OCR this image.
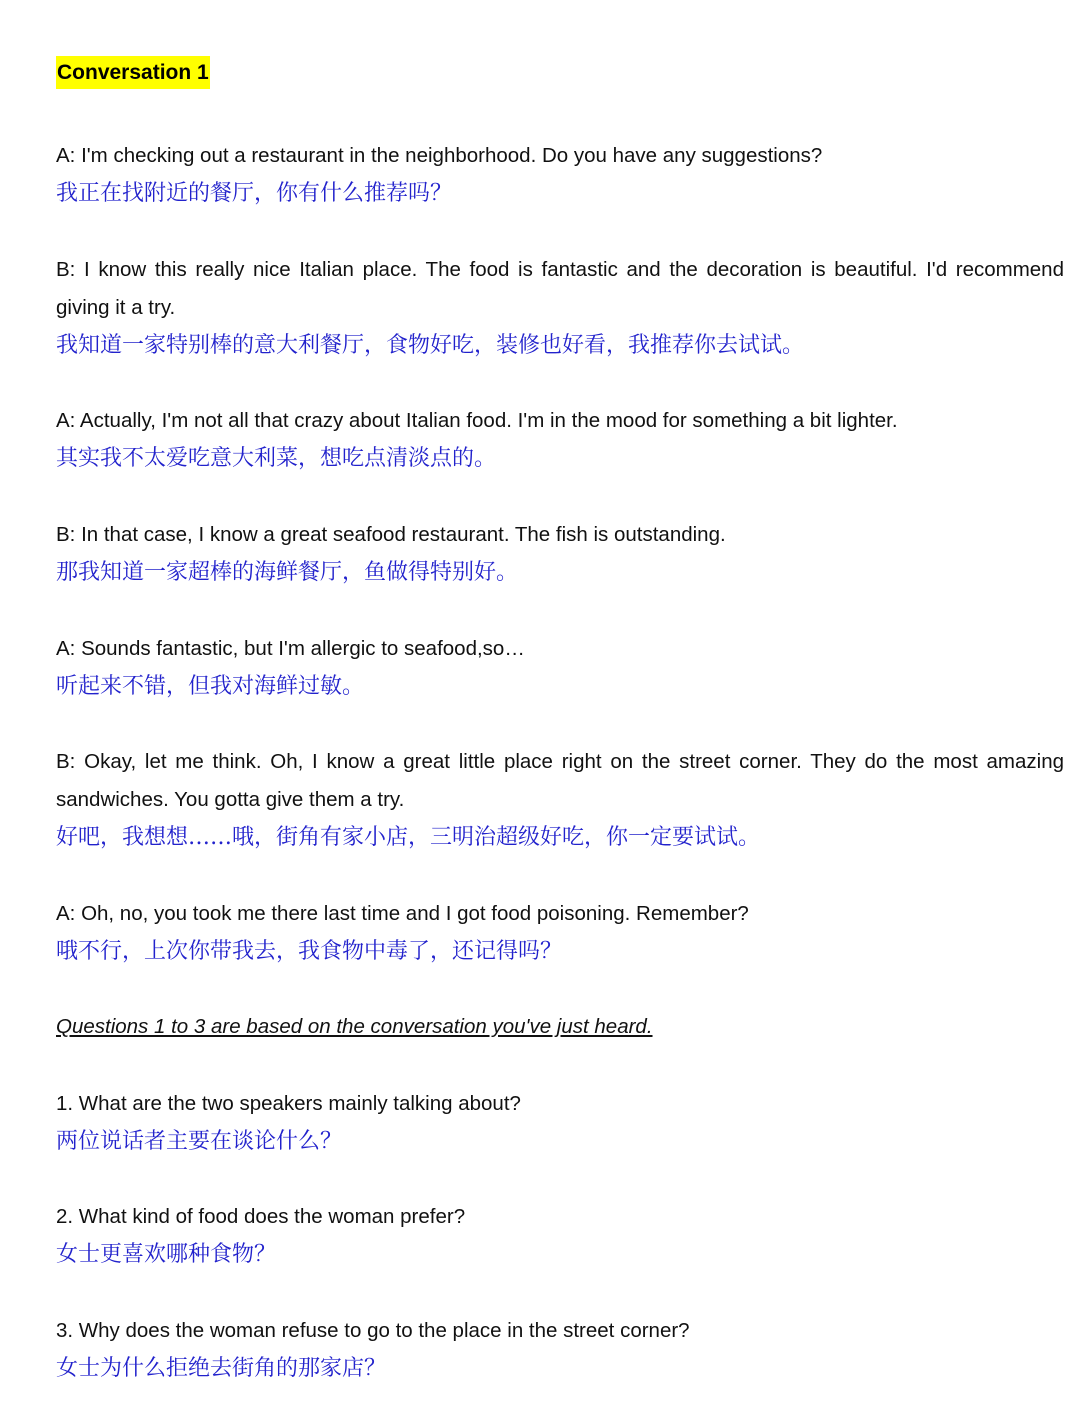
Conversation 1
A: I'm checking out a restaurant in the neighborhood. Do you have any suggestions?
我正在找附近的餐厅，你有什么推荐吗？
B: I know this really nice Italian place. The food is fantastic and the decoration is beautiful. I'd recommend giving it a try.
我知道一家特别棒的意大利餐厅，食物好吃，装修也好看，我推荐你去试试。
A: Actually, I'm not all that crazy about Italian food. I'm in the mood for something a bit lighter.
其实我不太爱吃意大利菜，想吃点清淡点的。
B: In that case, I know a great seafood restaurant. The fish is outstanding.
那我知道一家超棒的海鲜餐厅，鱼做得特别好。
A: Sounds fantastic, but I'm allergic to seafood,so…
听起来不错，但我对海鲜过敏。
B: Okay, let me think. Oh, I know a great little place right on the street corner. They do the most amazing sandwiches. You gotta give them a try.
好吧，我想想……哦，街角有家小店，三明治超级好吃，你一定要试试。
A: Oh, no, you took me there last time and I got food poisoning. Remember?
哦不行，上次你带我去，我食物中毒了，还记得吗？
Questions 1 to 3 are based on the conversation you've just heard.
1. What are the two speakers mainly talking about?
两位说话者主要在谈论什么？
2. What kind of food does the woman prefer?
女士更喜欢哪种食物？
3. Why does the woman refuse to go to the place in the street corner?
女士为什么拒绝去街角的那家店？
